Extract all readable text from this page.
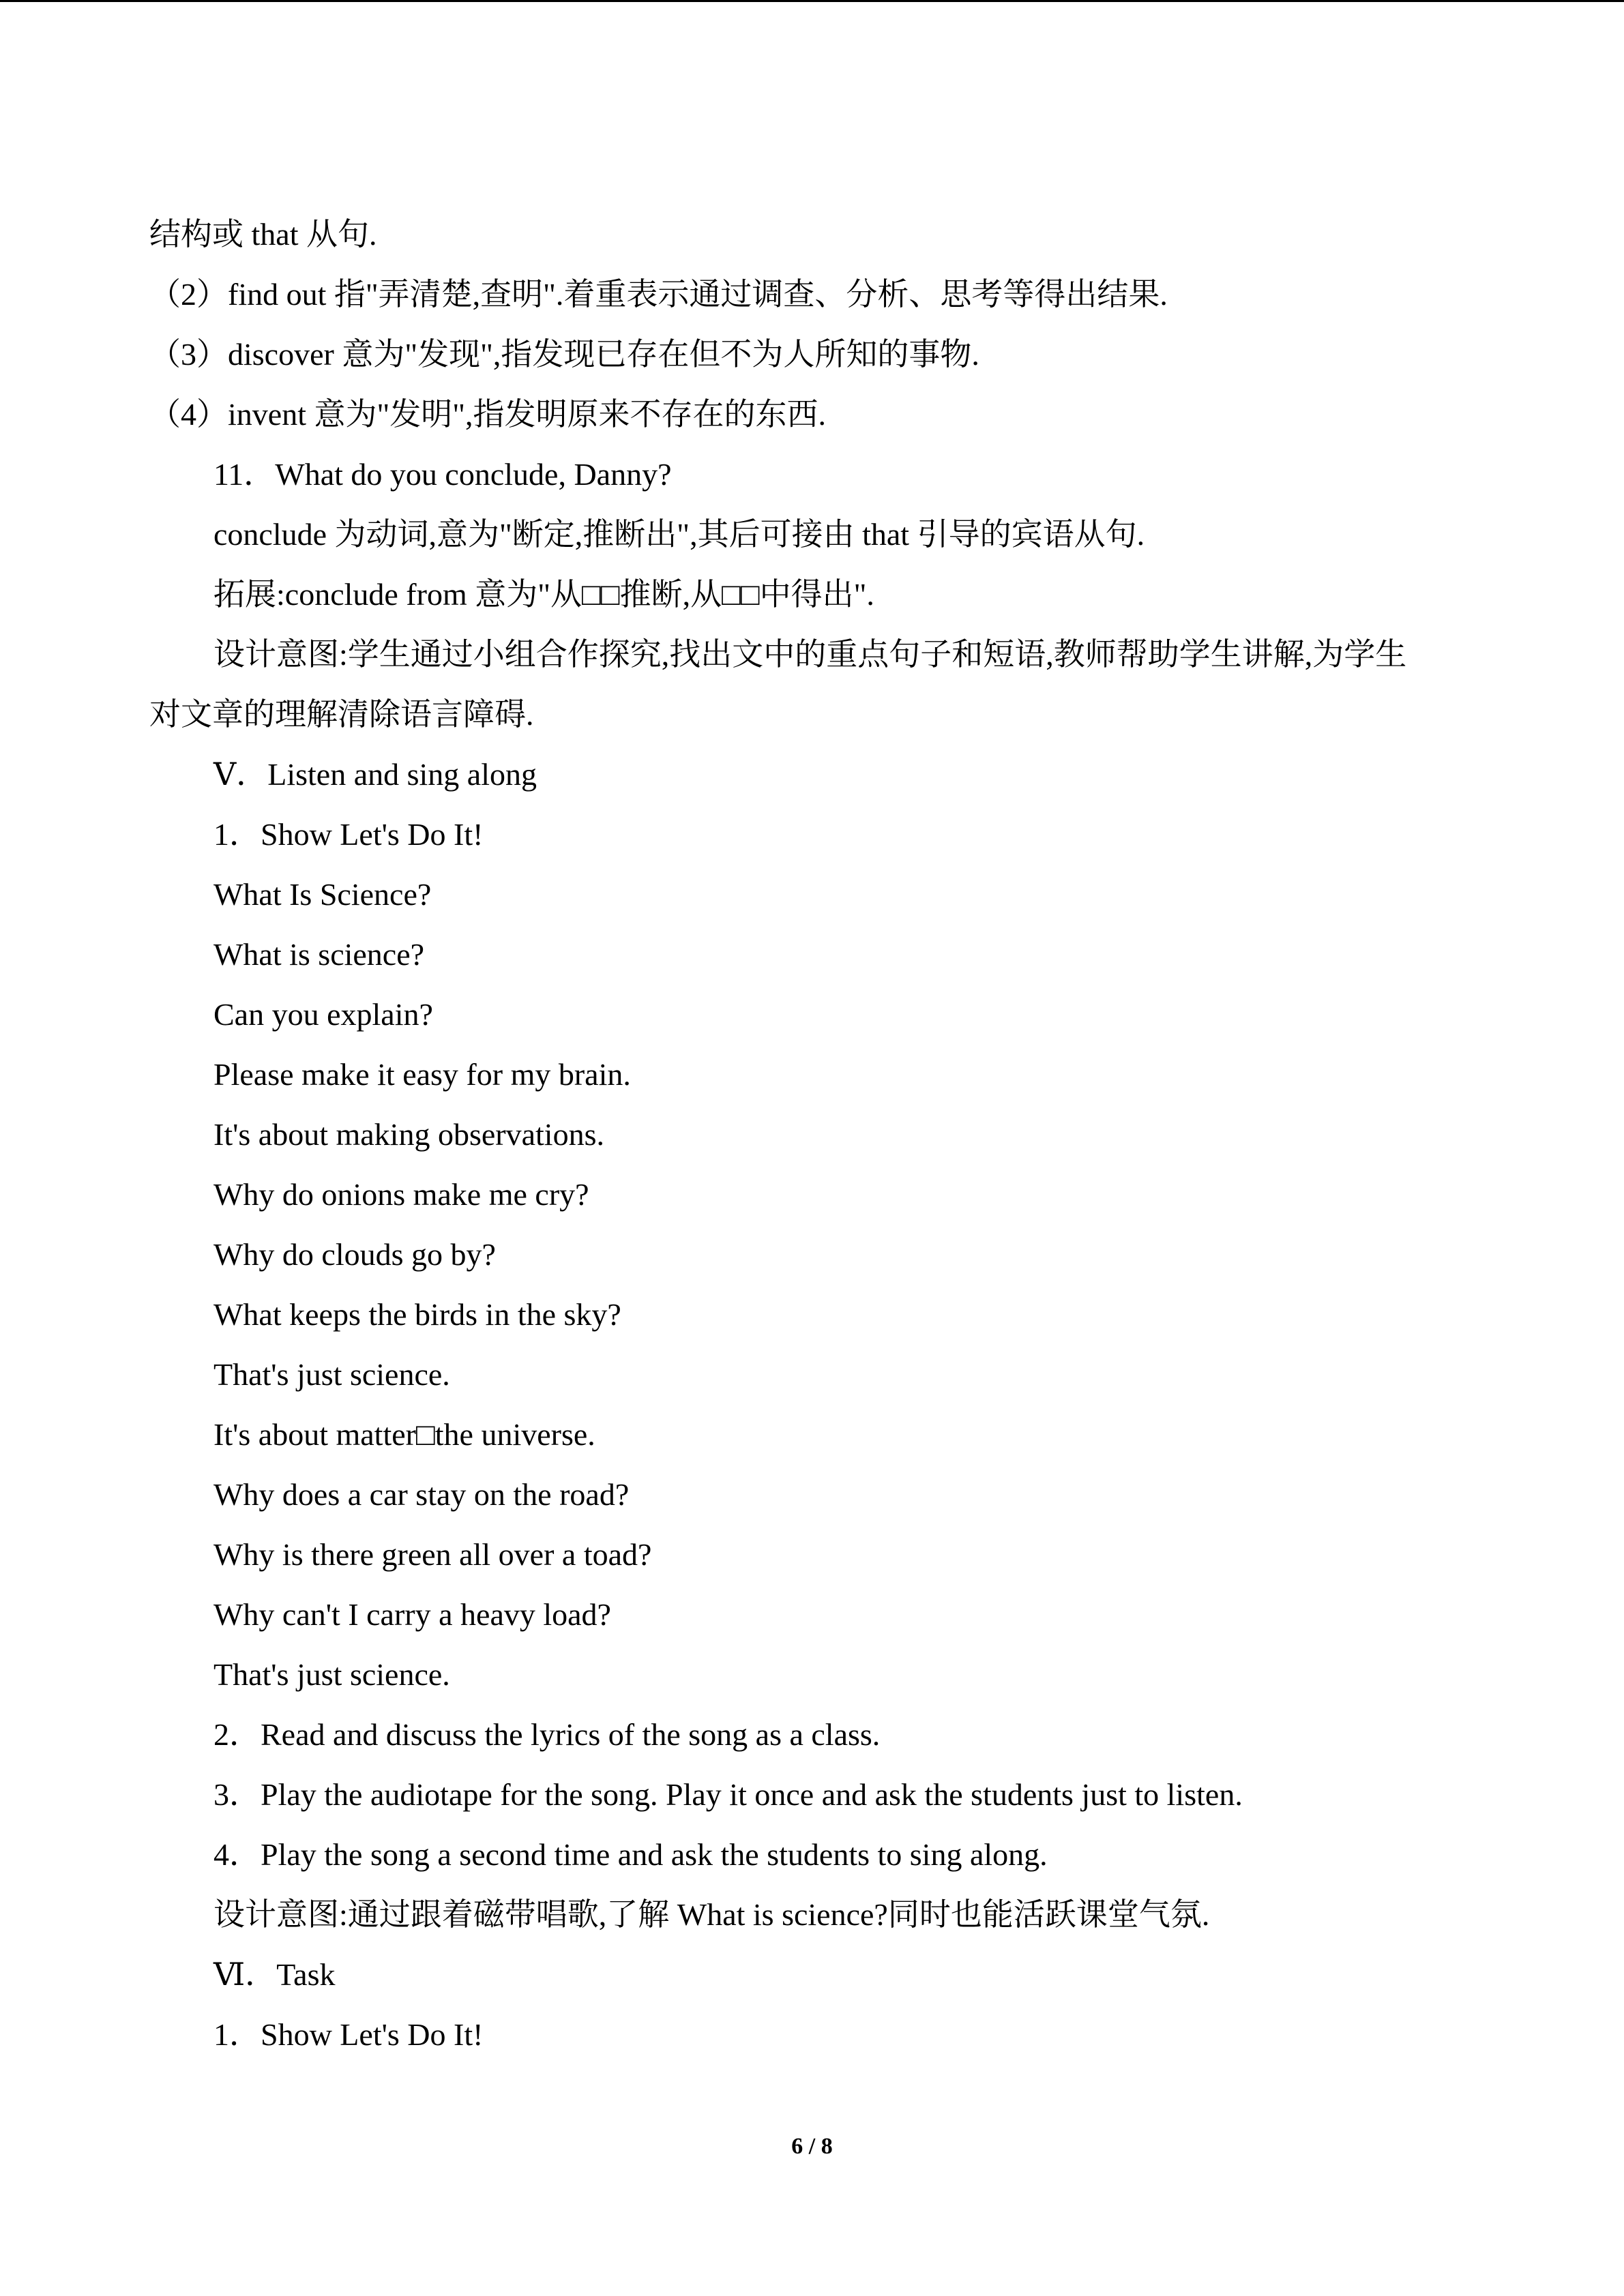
结构或 that 从句.
（2）find out 指"弄清楚,查明".着重表示通过调查、分析、思考等得出结果.
（3）discover 意为"发现",指发现已存在但不为人所知的事物.
（4）invent 意为"发明",指发明原来不存在的东西.
11．What do you conclude, Danny?
conclude 为动词,意为"断定,推断出",其后可接由 that 引导的宾语从句.
拓展:conclude from 意为"从□□推断,从□□中得出".
设计意图:学生通过小组合作探究,找出文中的重点句子和短语,教师帮助学生讲解,为学生
对文章的理解清除语言障碍.
Ⅴ．Listen and sing along
1．Show Let's Do It!
What Is Science?
What is science?
Can you explain?
Please make it easy for my brain.
It's about making observations.
Why do onions make me cry?
Why do clouds go by?
What keeps the birds in the sky?
That's just science.
It's about matter□the universe.
Why does a car stay on the road?
Why is there green all over a toad?
Why can't I carry a heavy load?
That's just science.
2．Read and discuss the lyrics of the song as a class.
3．Play the audiotape for the song. Play it once and ask the students just to listen.
4．Play the song a second time and ask the students to sing along.
设计意图:通过跟着磁带唱歌,了解 What is science?同时也能活跃课堂气氛.
Ⅵ．Task
1．Show Let's Do It!
6 / 8
